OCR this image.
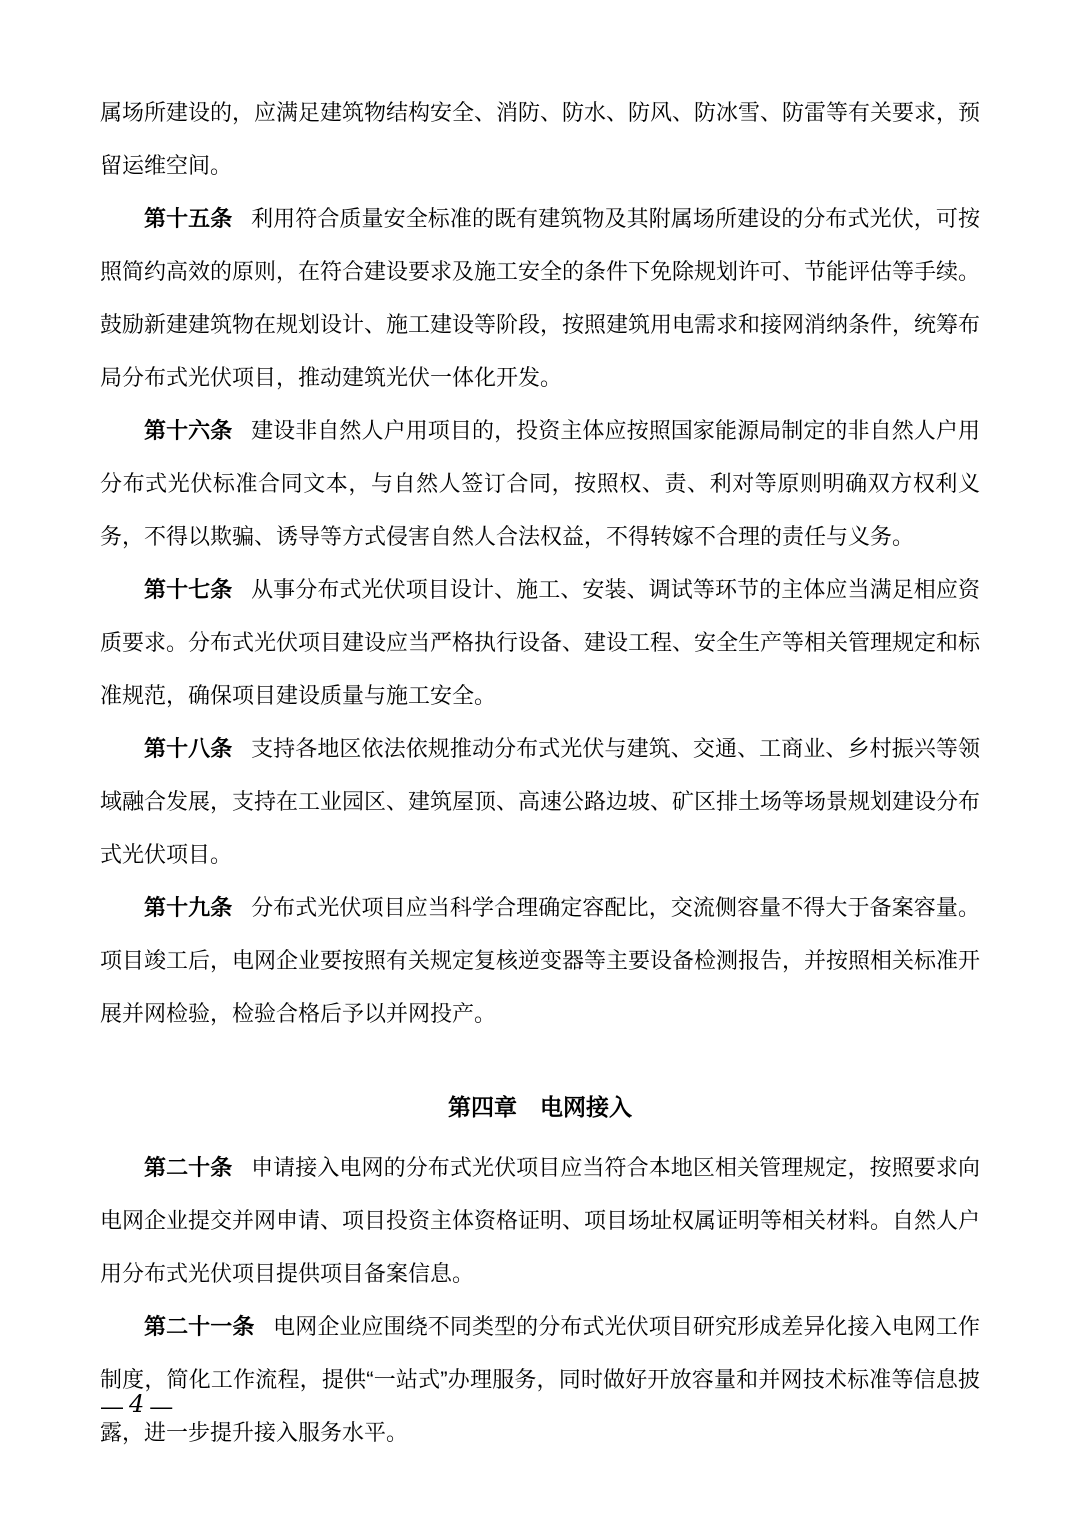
属场所建设的，应满足建筑物结构安全、消防、防水、防风、防冰雪、防雷等有关要求，预留运维空间。

第十五条 利用符合质量安全标准的既有建筑物及其附属场所建设的分布式光伏，可按照简约高效的原则，在符合建设要求及施工安全的条件下免除规划许可、节能评估等手续。鼓励新建建筑物在规划设计、施工建设等阶段，按照建筑用电需求和接网消纳条件，统筹布局分布式光伏项目，推动建筑光伏一体化开发。

第十六条 建设非自然人户用项目的，投资主体应按照国家能源局制定的非自然人户用分布式光伏标准合同文本，与自然人签订合同，按照权、责、利对等原则明确双方权利义务，不得以欺骗、诱导等方式侵害自然人合法权益，不得转嫁不合理的责任与义务。

第十七条 从事分布式光伏项目设计、施工、安装、调试等环节的主体应当满足相应资质要求。分布式光伏项目建设应当严格执行设备、建设工程、安全生产等相关管理规定和标准规范，确保项目建设质量与施工安全。

第十八条 支持各地区依法依规推动分布式光伏与建筑、交通、工商业、乡村振兴等领域融合发展，支持在工业园区、建筑屋顶、高速公路边坡、矿区排土场等场景规划建设分布式光伏项目。

第十九条 分布式光伏项目应当科学合理确定容配比，交流侧容量不得大于备案容量。项目竣工后，电网企业要按照有关规定复核逆变器等主要设备检测报告，并按照相关标准开展并网检验，检验合格后予以并网投产。

第四章　电网接入

第二十条 申请接入电网的分布式光伏项目应当符合本地区相关管理规定，按照要求向电网企业提交并网申请、项目投资主体资格证明、项目场址权属证明等相关材料。自然人户用分布式光伏项目提供项目备案信息。

第二十一条 电网企业应围绕不同类型的分布式光伏项目研究形成差异化接入电网工作制度，简化工作流程，提供“一站式”办理服务，同时做好开放容量和并网技术标准等信息披露，进一步提升接入服务水平。

— 4 —
